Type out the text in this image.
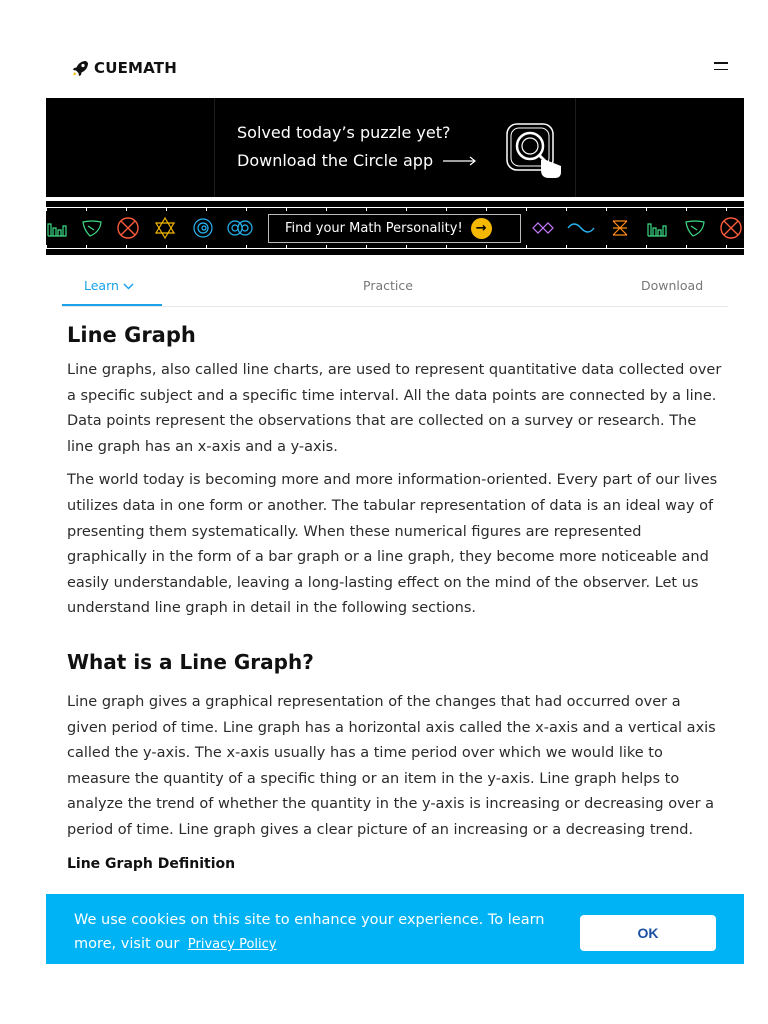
CUEMATH
Solved today’s puzzle yet?
Download the Circle app
Find your Math Personality!	→
Learn	Practice	Download
Line Graph

Line graphs, also called line charts, are used to represent quantitative data collected over a specific subject and a specific time interval. All the data points are connected by a line. Data points represent the observations that are collected on a survey or research. The line graph has an x-axis and a y-axis.

The world today is becoming more and more information-oriented. Every part of our lives utilizes data in one form or another. The tabular representation of data is an ideal way of presenting them systematically. When these numerical figures are represented graphically in the form of a bar graph or a line graph, they become more noticeable and easily understandable, leaving a long-lasting effect on the mind of the observer. Let us understand line graph in detail in the following sections.

What is a Line Graph?

Line graph gives a graphical representation of the changes that had occurred over a given period of time. Line graph has a horizontal axis called the x-axis and a vertical axis called the y-axis. The x-axis usually has a time period over which we would like to measure the quantity of a specific thing or an item in the y-axis. Line graph helps to analyze the trend of whether the quantity in the y-axis is increasing or decreasing over a period of time. Line graph gives a clear picture of an increasing or a decreasing trend.

Line Graph Definition
We use cookies on this site to enhance your experience. To learn more, visit our Privacy Policy
OK
